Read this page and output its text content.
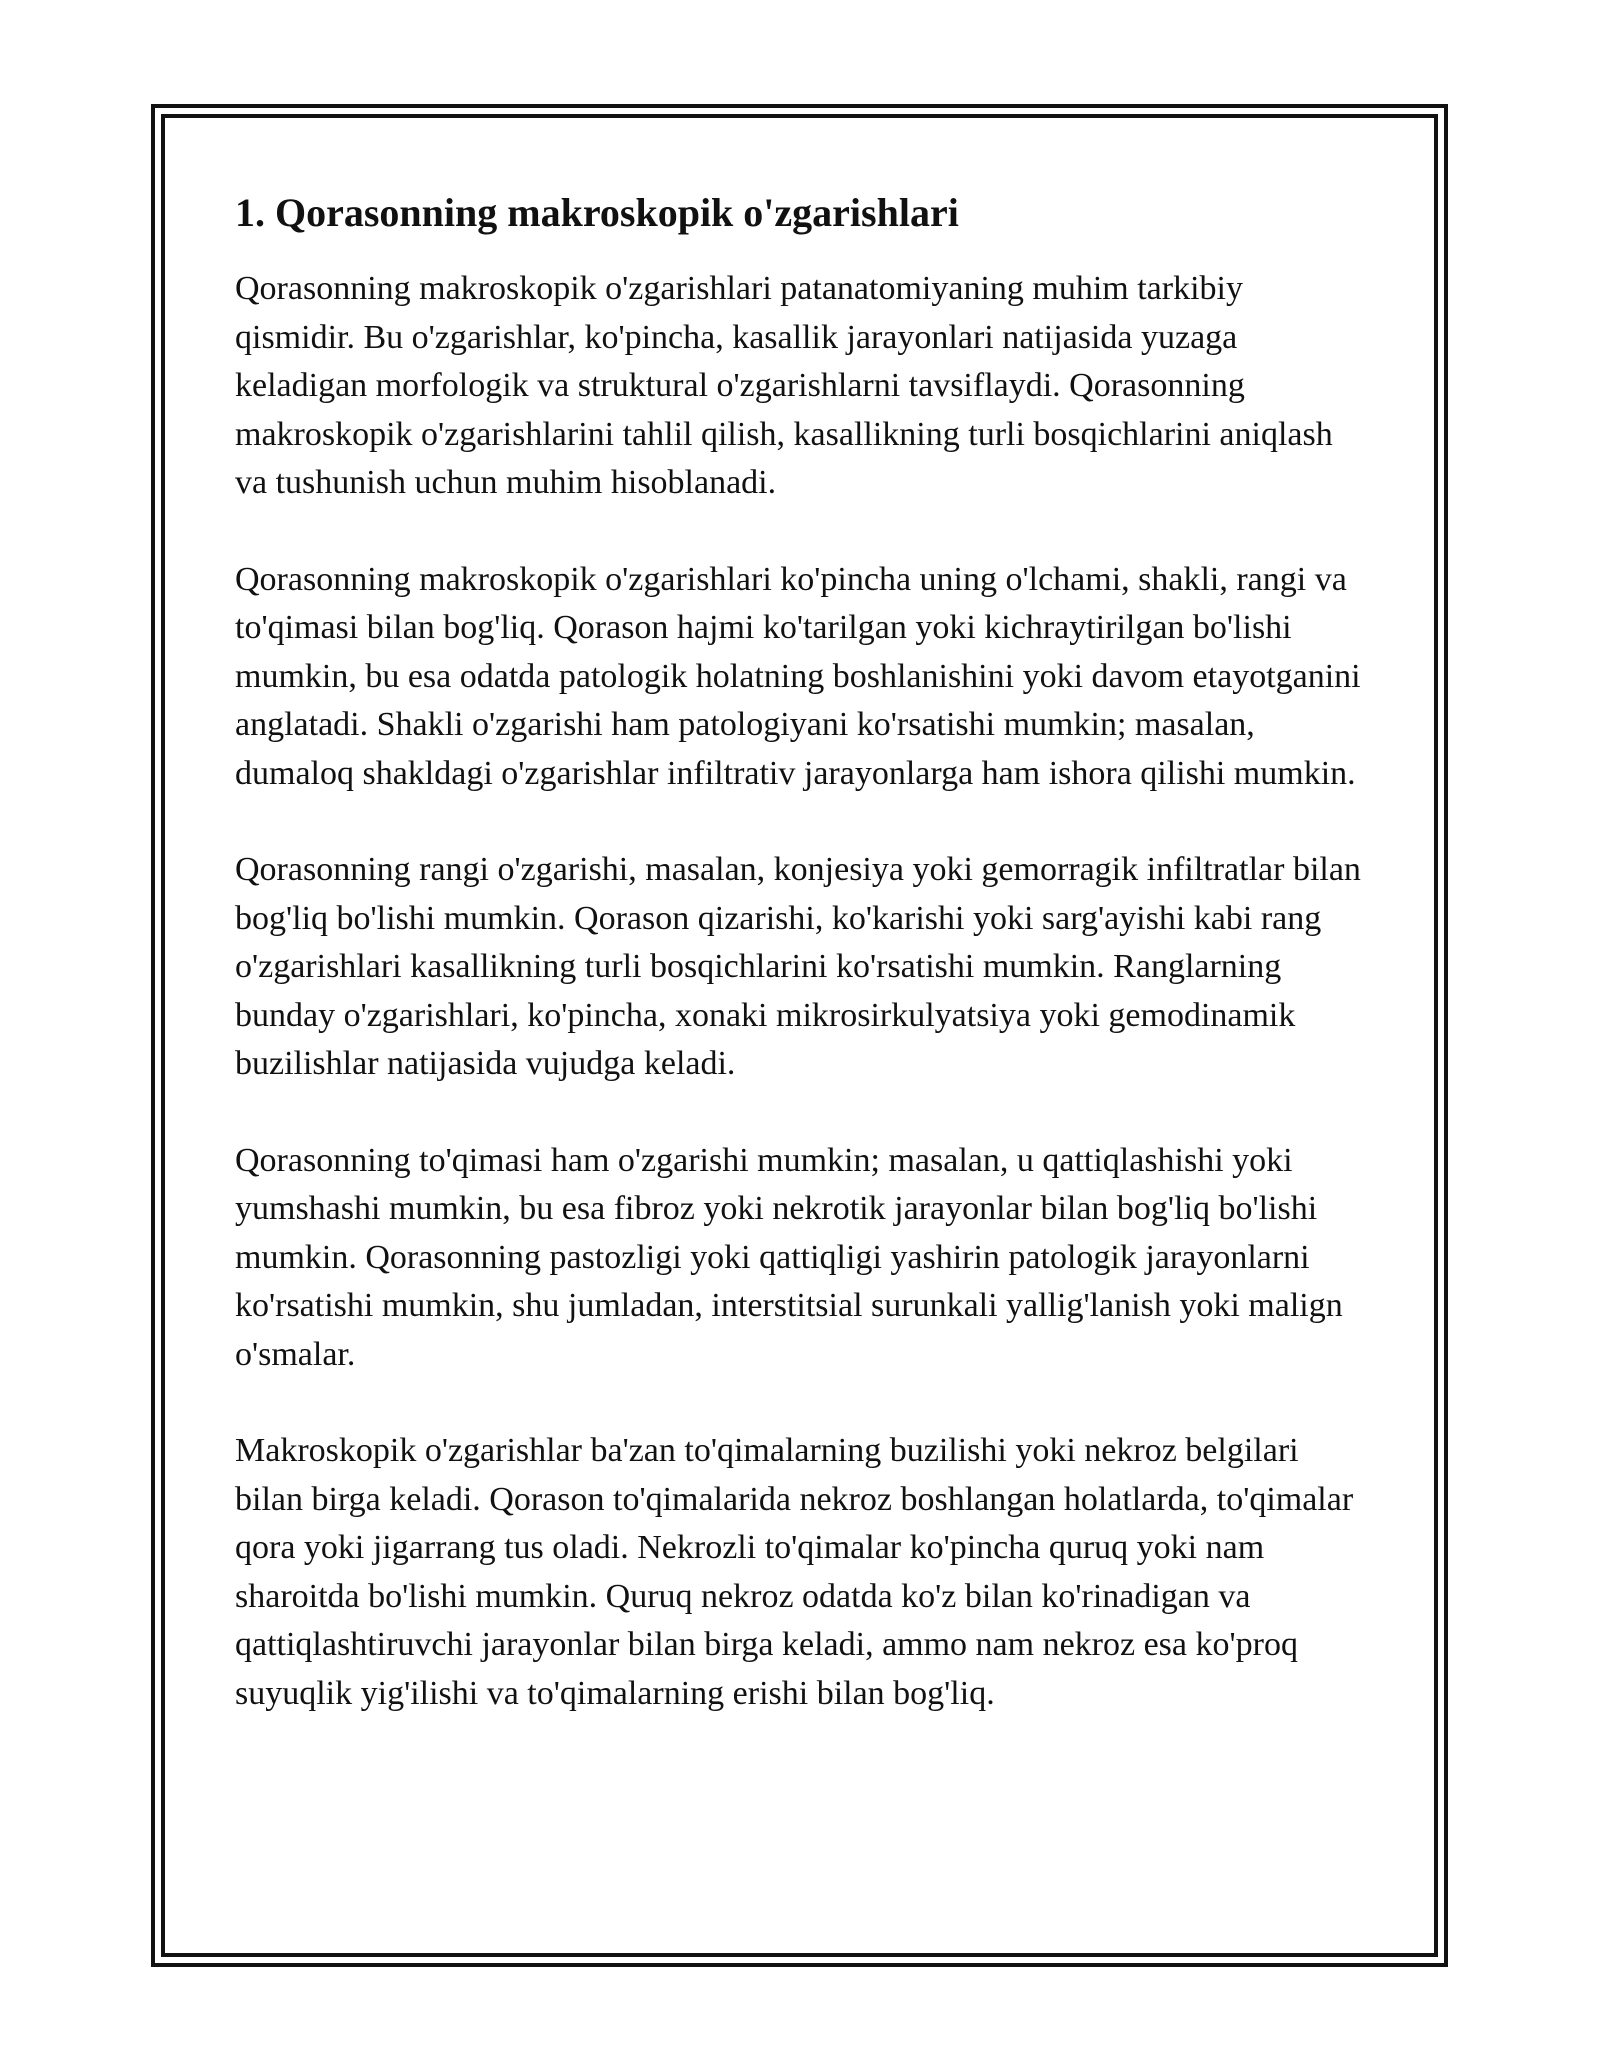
1. Qorasonning makroskopik o'zgarishlari

Qorasonning makroskopik o'zgarishlari patanatomiyaning muhim tarkibiy qismidir. Bu o'zgarishlar, ko'pincha, kasallik jarayonlari natijasida yuzaga keladigan morfologik va struktural o'zgarishlarni tavsiflaydi. Qorasonning makroskopik o'zgarishlarini tahlil qilish, kasallikning turli bosqichlarini aniqlash va tushunish uchun muhim hisoblanadi.

Qorasonning makroskopik o'zgarishlari ko'pincha uning o'lchami, shakli, rangi va to'qimasi bilan bog'liq. Qorason hajmi ko'tarilgan yoki kichraytirilgan bo'lishi mumkin, bu esa odatda patologik holatning boshlanishini yoki davom etayotganini anglatadi. Shakli o'zgarishi ham patologiyani ko'rsatishi mumkin; masalan, dumaloq shakldagi o'zgarishlar infiltrativ jarayonlarga ham ishora qilishi mumkin.

Qorasonning rangi o'zgarishi, masalan, konjesiya yoki gemorragik infiltratlar bilan bog'liq bo'lishi mumkin. Qorason qizarishi, ko'karishi yoki sarg'ayishi kabi rang o'zgarishlari kasallikning turli bosqichlarini ko'rsatishi mumkin. Ranglarning bunday o'zgarishlari, ko'pincha, xonaki mikrosirkulyatsiya yoki gemodinamik buzilishlar natijasida vujudga keladi.

Qorasonning to'qimasi ham o'zgarishi mumkin; masalan, u qattiqlashishi yoki yumshashi mumkin, bu esa fibroz yoki nekrotik jarayonlar bilan bog'liq bo'lishi mumkin. Qorasonning pastozligi yoki qattiqligi yashirin patologik jarayonlarni ko'rsatishi mumkin, shu jumladan, interstitsial surunkali yallig'lanish yoki malign o'smalar.

Makroskopik o'zgarishlar ba'zan to'qimalarning buzilishi yoki nekroz belgilari bilan birga keladi. Qorason to'qimalarida nekroz boshlangan holatlarda, to'qimalar qora yoki jigarrang tus oladi. Nekrozli to'qimalar ko'pincha quruq yoki nam sharoitda bo'lishi mumkin. Quruq nekroz odatda ko'z bilan ko'rinadigan va qattiqlashtiruvchi jarayonlar bilan birga keladi, ammo nam nekroz esa ko'proq suyuqlik yig'ilishi va to'qimalarning erishi bilan bog'liq.
